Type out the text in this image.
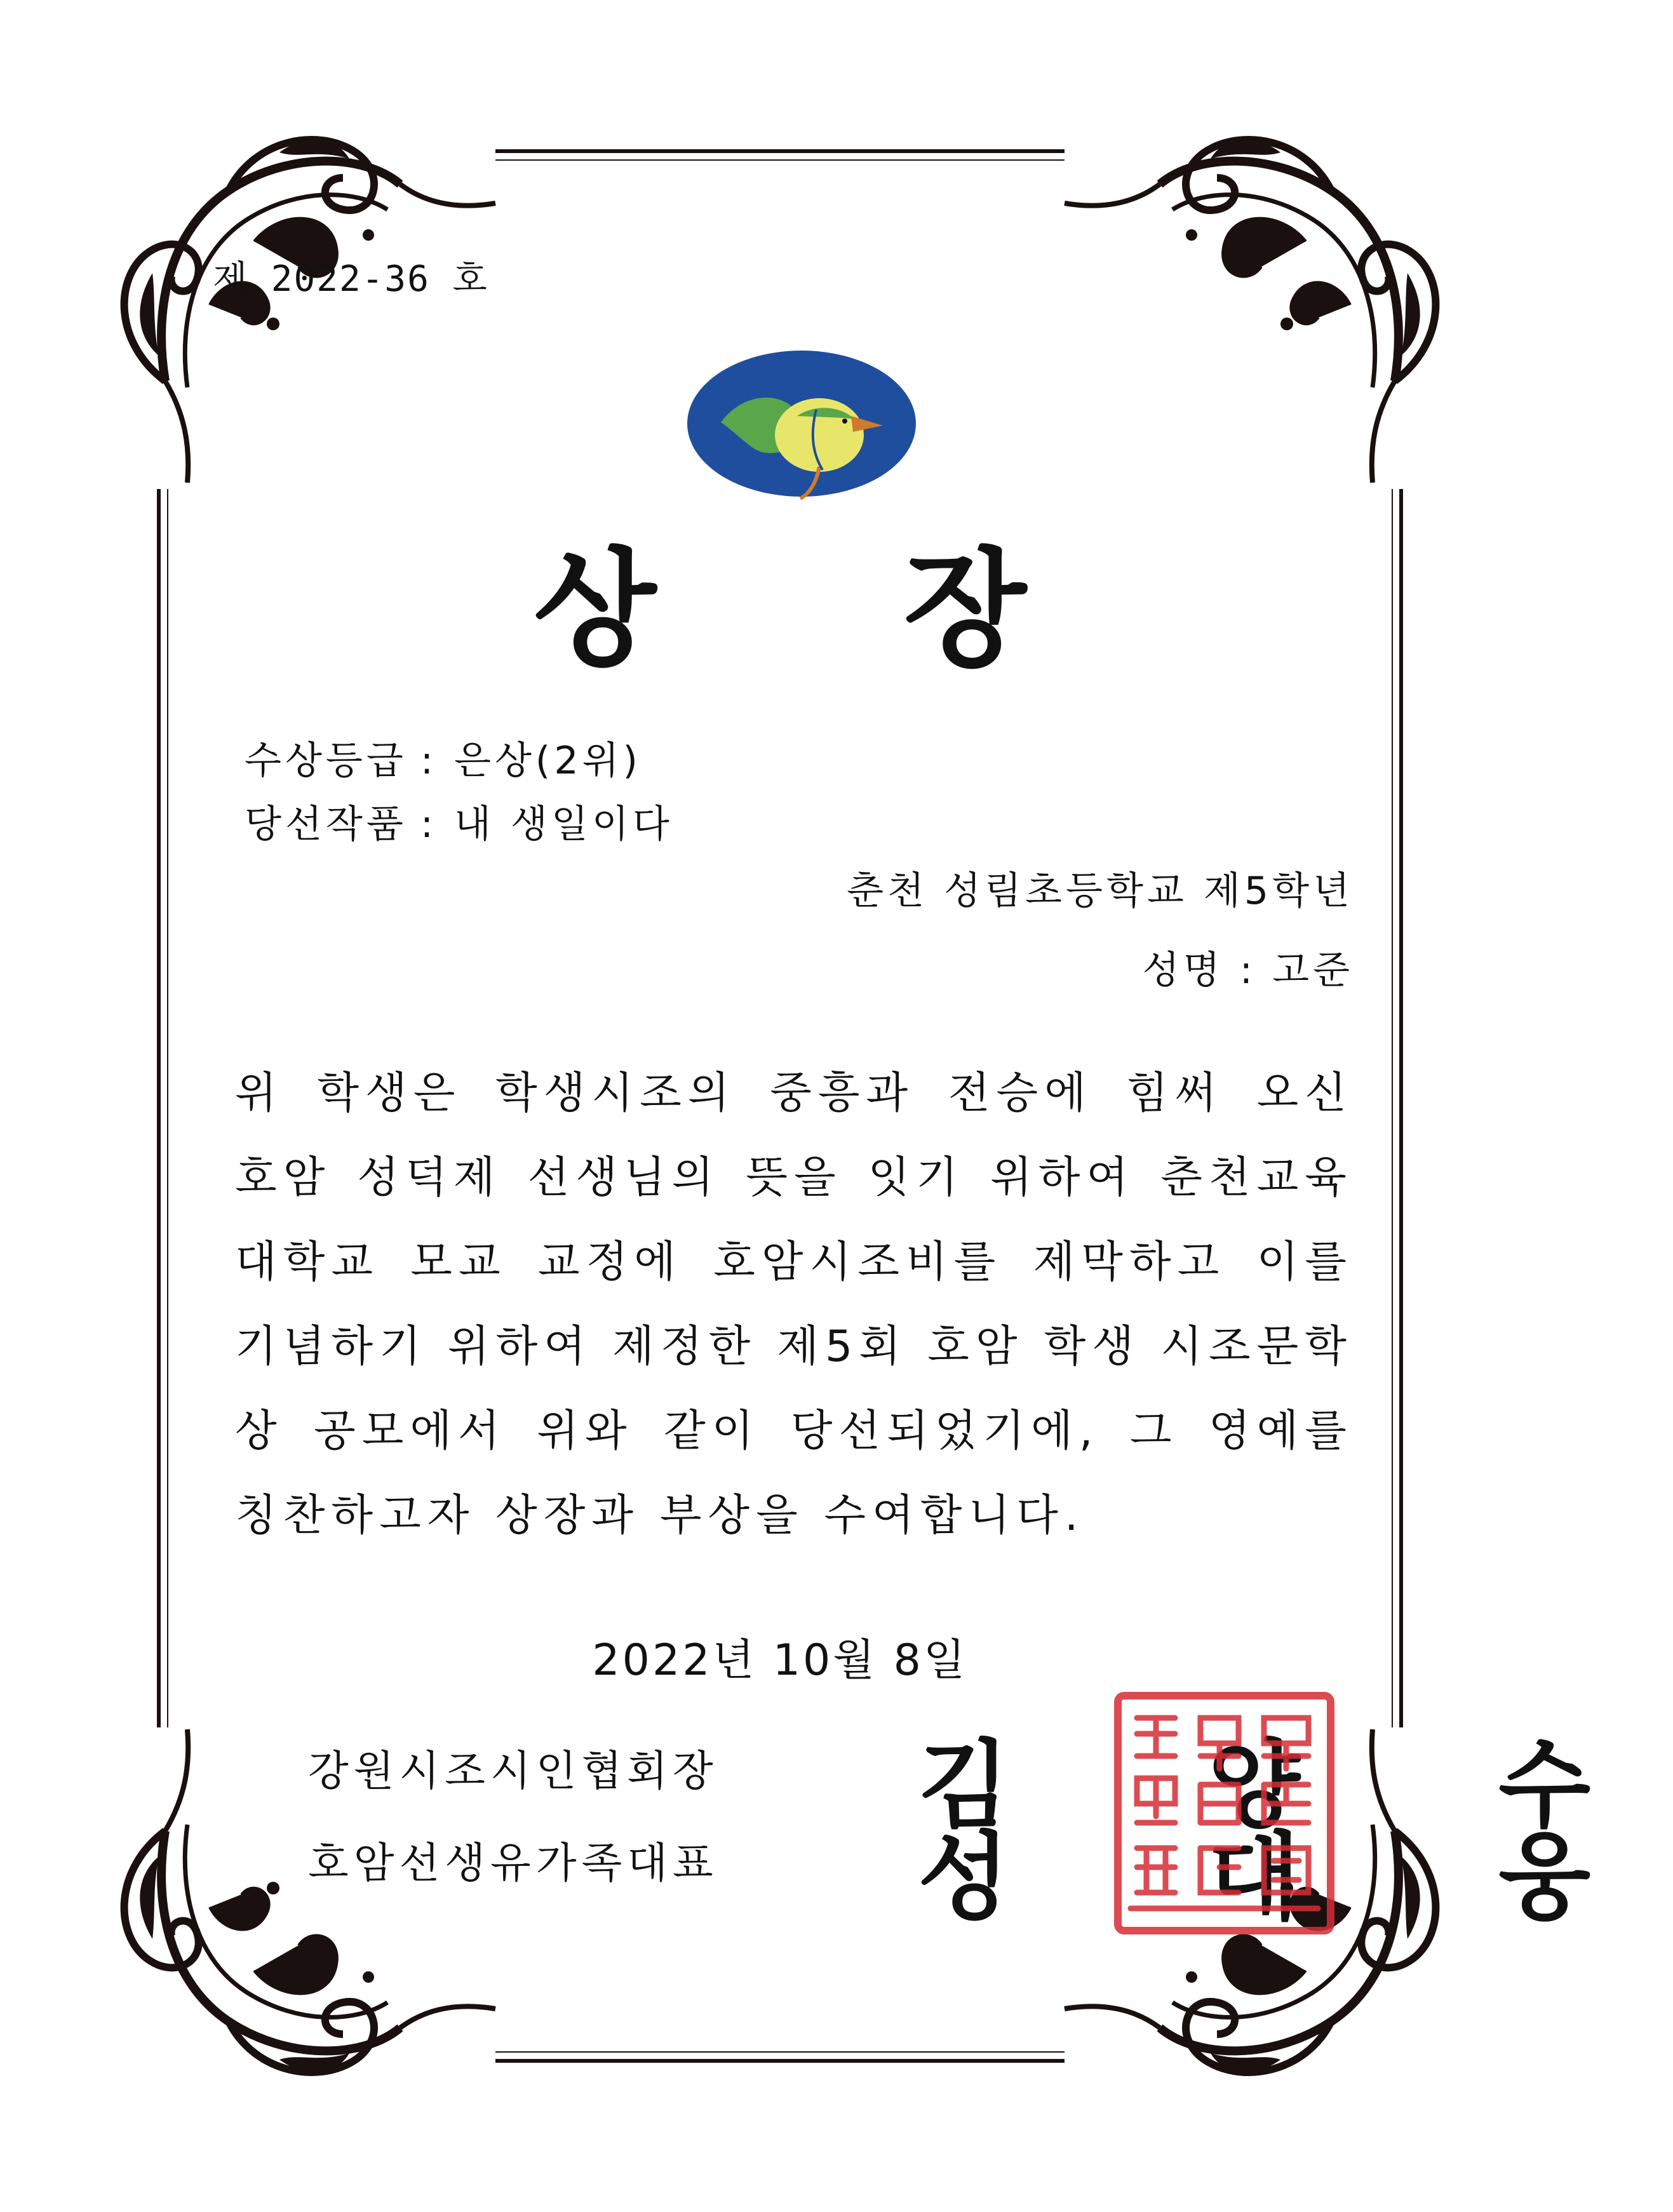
제 2022-36 호
상 장
수상등급 : 은상(2위)
당선작품 : 내 생일이다
춘천 성림초등학교 제5학년
성명 : 고준
위 학생은 학생시조의 중흥과 전승에 힘써 오신
호암 성덕제 선생님의 뜻을 잇기 위하여 춘천교육
대학교 모교 교정에 호암시조비를 제막하고 이를
기념하기 위하여 제정한 제5회 호암 학생 시조문학
상 공모에서 위와 같이 당선되었기에, 그 영예를
칭찬하고자 상장과 부상을 수여합니다.
2022년 10월 8일
강원시조시인협회장
호암선생유가족대표
김 양 수
성 대 웅
